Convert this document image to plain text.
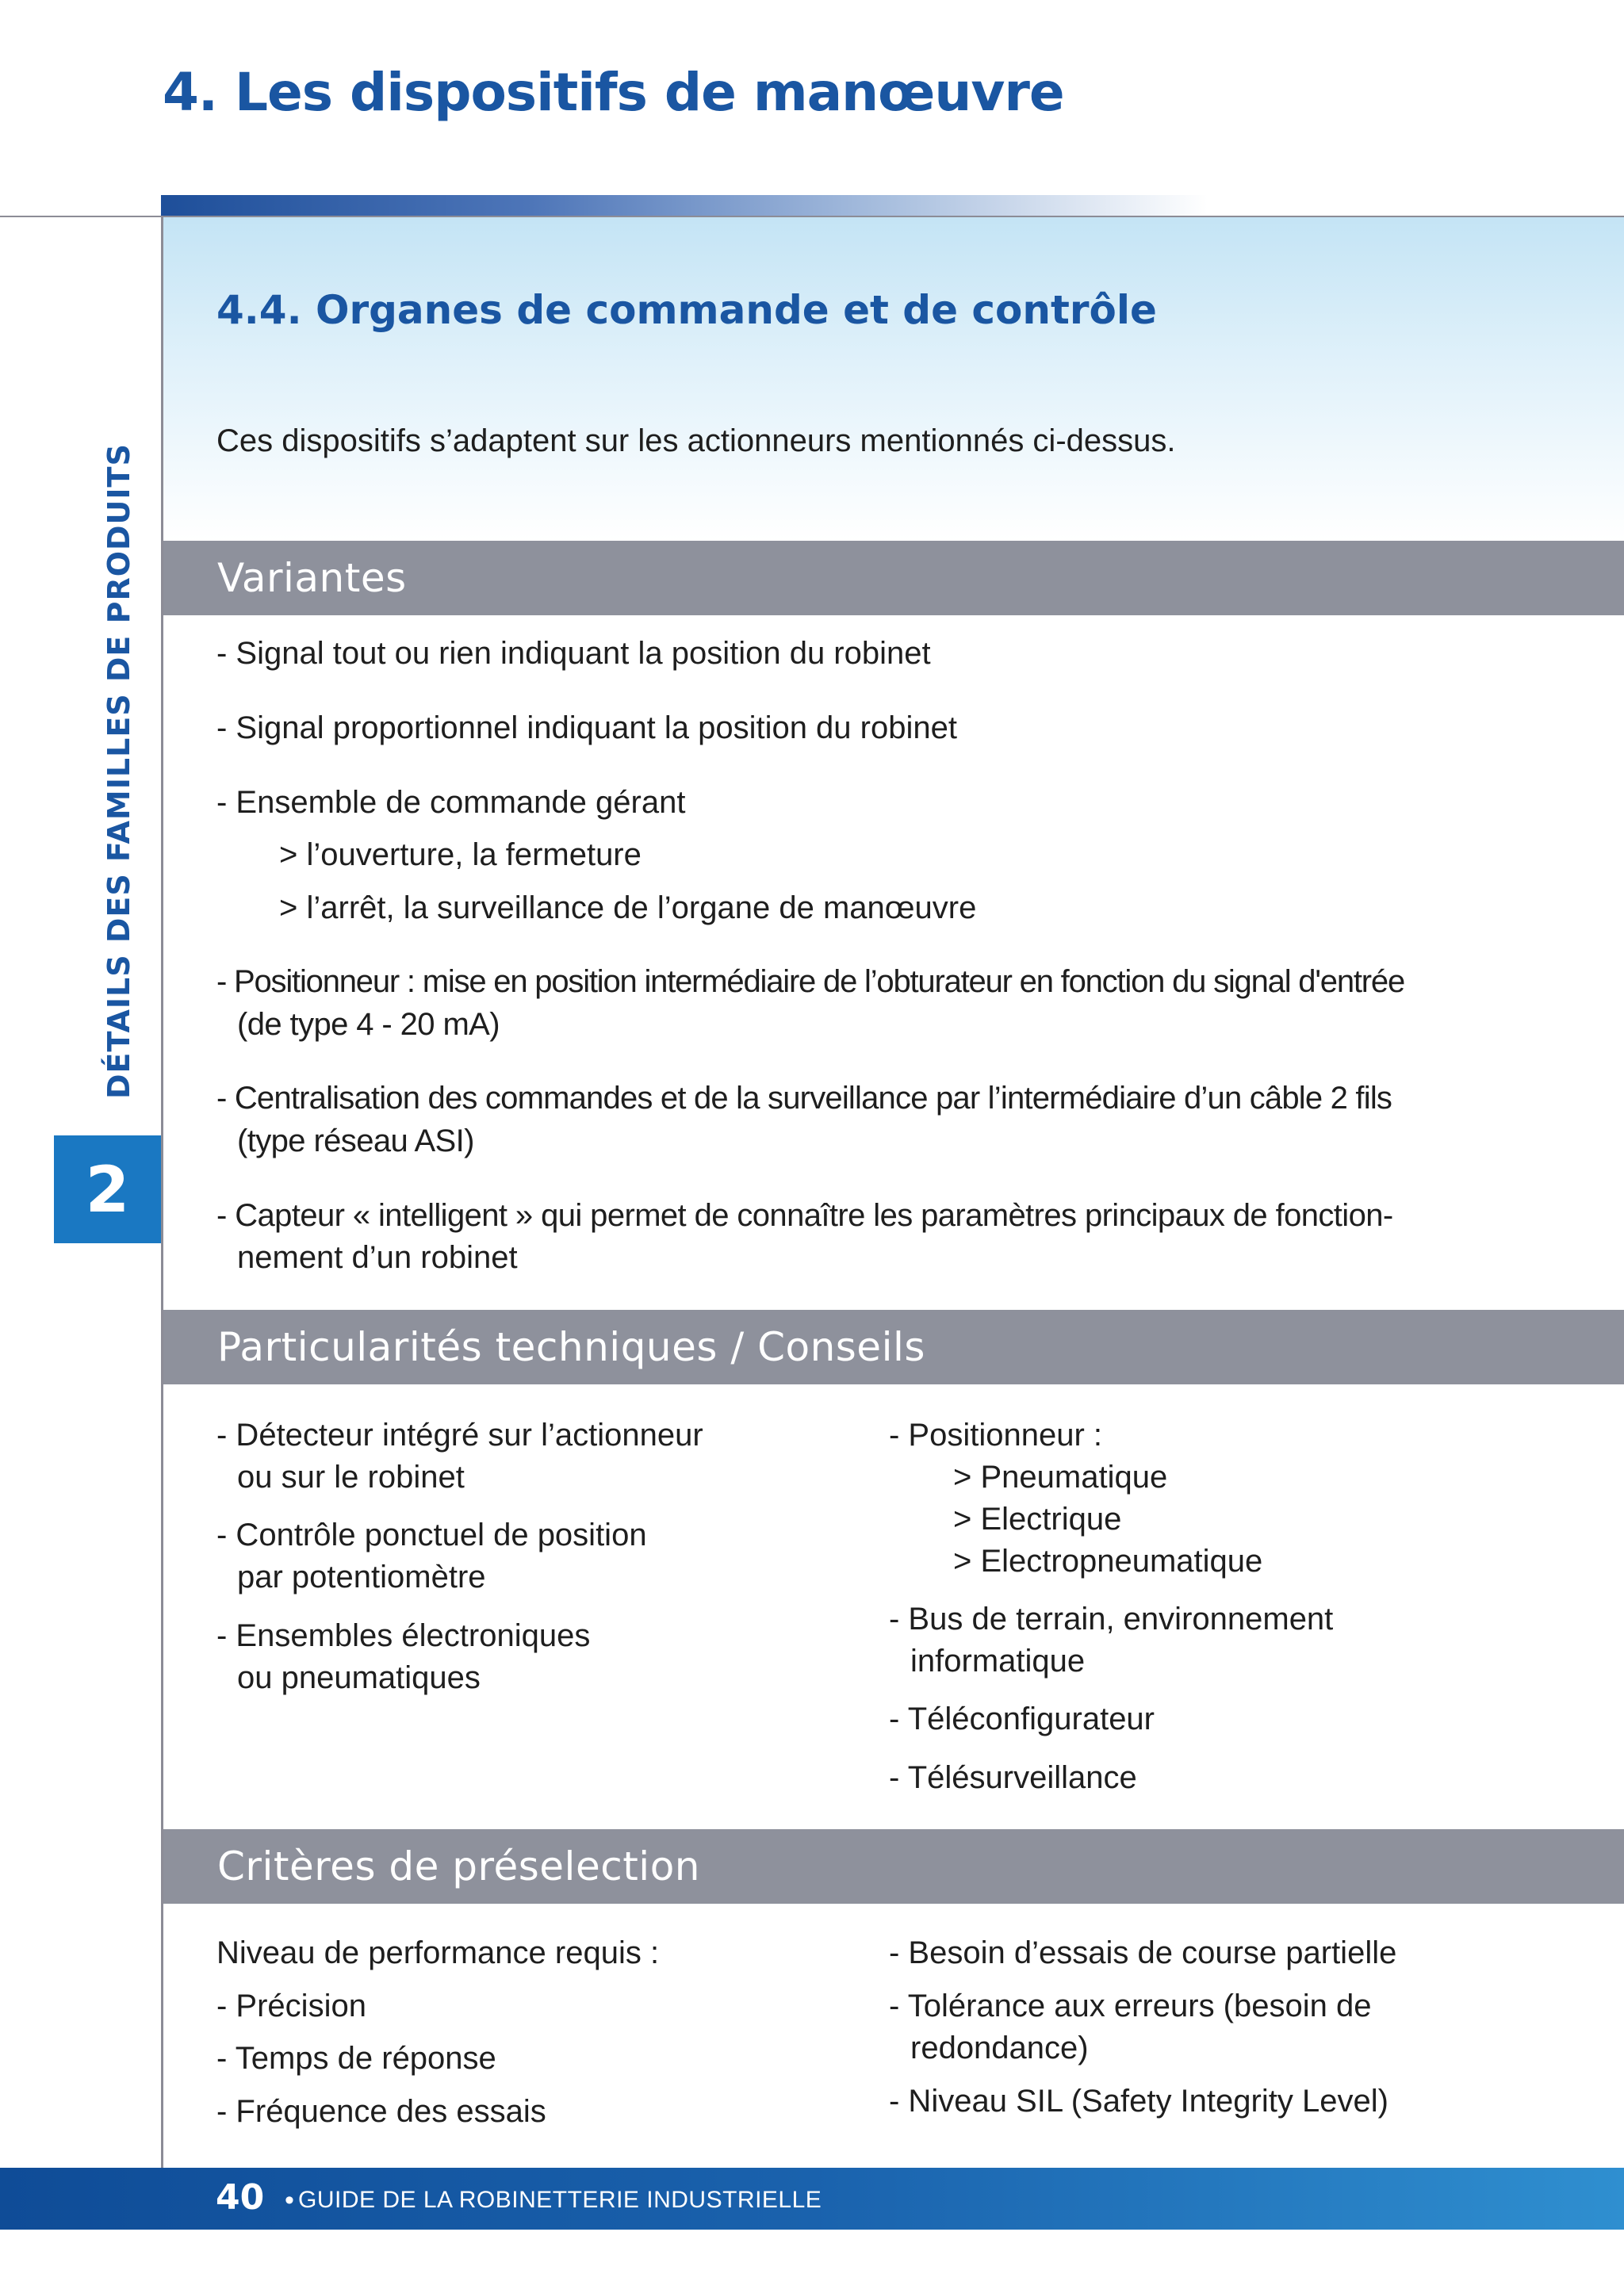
4. Les dispositifs de manœuvre
DÉTAILS DES FAMILLES DE PRODUITS
2
4.4. Organes de commande et de contrôle
Ces dispositifs s’adaptent sur les actionneurs mentionnés ci-dessus.
Variantes
- Signal tout ou rien indiquant la position du robinet
- Signal proportionnel indiquant la position du robinet
- Ensemble de commande gérant
> l’ouverture, la fermeture
> l’arrêt, la surveillance de l’organe de manœuvre
- Positionneur : mise en position intermédiaire de l’obturateur en fonction du signal d'entrée
(de type 4 - 20 mA)
- Centralisation des commandes et de la surveillance par l’intermédiaire d’un câble 2 fils
(type réseau ASI)
- Capteur « intelligent » qui permet de connaître les paramètres principaux de fonction-
nement d’un robinet
Particularités techniques / Conseils
- Détecteur intégré sur l’actionneur
ou sur le robinet
- Contrôle ponctuel de position
par potentiomètre
- Ensembles électroniques
ou pneumatiques
- Positionneur :
> Pneumatique
> Electrique
> Electropneumatique
- Bus de terrain, environnement
informatique
- Téléconfigurateur
- Télésurveillance
Critères de préselection
Niveau de performance requis :
- Précision
- Temps de réponse
- Fréquence des essais
- Besoin d’essais de course partielle
- Tolérance aux erreurs (besoin de
redondance)
- Niveau SIL (Safety Integrity Level)
40 • GUIDE DE LA ROBINETTERIE INDUSTRIELLE
